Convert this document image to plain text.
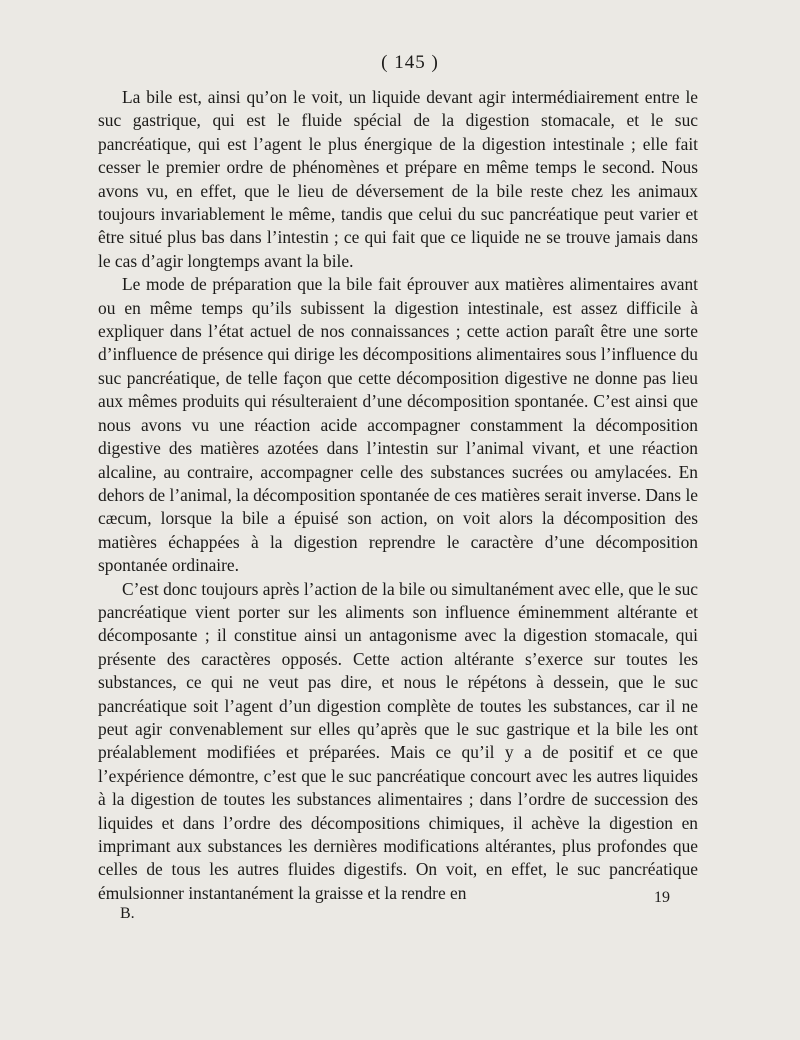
( 145 )

La bile est, ainsi qu’on le voit, un liquide devant agir intermédiairement entre le suc gastrique, qui est le fluide spécial de la digestion stomacale, et le suc pancréatique, qui est l’agent le plus énergique de la digestion intestinale ; elle fait cesser le premier ordre de phénomènes et prépare en même temps le second. Nous avons vu, en effet, que le lieu de déversement de la bile reste chez les animaux toujours invariablement le même, tandis que celui du suc pancréatique peut varier et être situé plus bas dans l’intestin ; ce qui fait que ce liquide ne se trouve jamais dans le cas d’agir longtemps avant la bile.

Le mode de préparation que la bile fait éprouver aux matières alimentaires avant ou en même temps qu’ils subissent la digestion intestinale, est assez difficile à expliquer dans l’état actuel de nos connaissances ; cette action paraît être une sorte d’influence de présence qui dirige les décompositions alimentaires sous l’influence du suc pancréatique, de telle façon que cette décomposition digestive ne donne pas lieu aux mêmes produits qui résulteraient d’une décomposition spontanée. C’est ainsi que nous avons vu une réaction acide accompagner constamment la décomposition digestive des matières azotées dans l’intestin sur l’animal vivant, et une réaction alcaline, au contraire, accompagner celle des substances sucrées ou amylacées. En dehors de l’animal, la décomposition spontanée de ces matières serait inverse. Dans le cæcum, lorsque la bile a épuisé son action, on voit alors la décomposition des matières échappées à la digestion reprendre le caractère d’une décomposition spontanée ordinaire.

C’est donc toujours après l’action de la bile ou simultanément avec elle, que le suc pancréatique vient porter sur les aliments son influence éminemment altérante et décomposante ; il constitue ainsi un antagonisme avec la digestion stomacale, qui présente des caractères opposés. Cette action altérante s’exerce sur toutes les substances, ce qui ne veut pas dire, et nous le répétons à dessein, que le suc pancréatique soit l’agent d’un digestion complète de toutes les substances, car il ne peut agir convenablement sur elles qu’après que le suc gastrique et la bile les ont préalablement modifiées et préparées. Mais ce qu’il y a de positif et ce que l’expérience démontre, c’est que le suc pancréatique concourt avec les autres liquides à la digestion de toutes les substances alimentaires ; dans l’ordre de succession des liquides et dans l’ordre des décompositions chimiques, il achève la digestion en imprimant aux substances les dernières modifications altérantes, plus profondes que celles de tous les autres fluides digestifs. On voit, en effet, le suc pancréatique émulsionner instantanément la graisse et la rendre en

B.
19
